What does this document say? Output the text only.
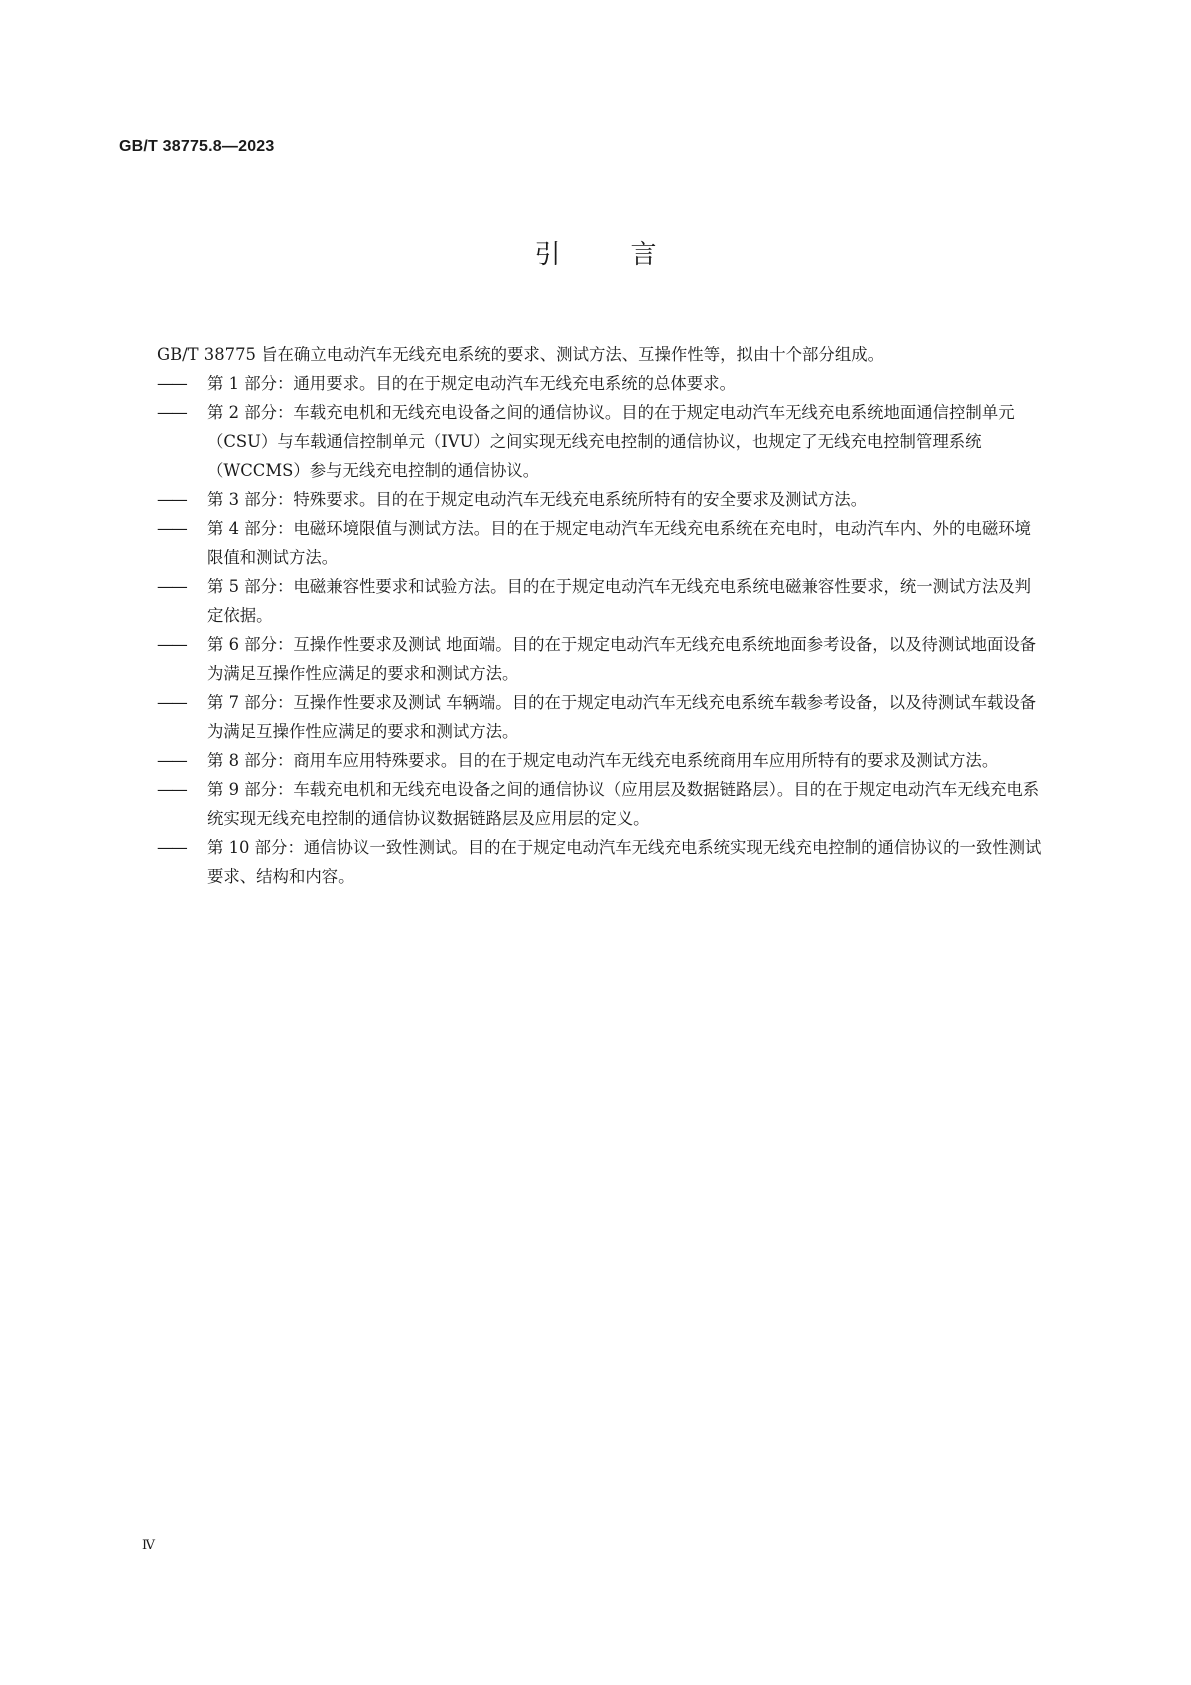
GB/T 38775.8—2023
引言

GB/T 38775 旨在确立电动汽车无线充电系统的要求、测试方法、互操作性等，拟由十个部分组成。

——	第 1 部分：通用要求。目的在于规定电动汽车无线充电系统的总体要求。

——	第 2 部分：车载充电机和无线充电设备之间的通信协议。目的在于规定电动汽车无线充电系统地面通信控制单元（CSU）与车载通信控制单元（IVU）之间实现无线充电控制的通信协议，也规定了无线充电控制管理系统（WCCMS）参与无线充电控制的通信协议。

——	第 3 部分：特殊要求。目的在于规定电动汽车无线充电系统所特有的安全要求及测试方法。

——	第 4 部分：电磁环境限值与测试方法。目的在于规定电动汽车无线充电系统在充电时，电动汽车内、外的电磁环境限值和测试方法。

——	第 5 部分：电磁兼容性要求和试验方法。目的在于规定电动汽车无线充电系统电磁兼容性要求，统一测试方法及判定依据。

——	第 6 部分：互操作性要求及测试 地面端。目的在于规定电动汽车无线充电系统地面参考设备，以及待测试地面设备为满足互操作性应满足的要求和测试方法。

——	第 7 部分：互操作性要求及测试 车辆端。目的在于规定电动汽车无线充电系统车载参考设备，以及待测试车载设备为满足互操作性应满足的要求和测试方法。

——	第 8 部分：商用车应用特殊要求。目的在于规定电动汽车无线充电系统商用车应用所特有的要求及测试方法。

——	第 9 部分：车载充电机和无线充电设备之间的通信协议（应用层及数据链路层）。目的在于规定电动汽车无线充电系统实现无线充电控制的通信协议数据链路层及应用层的定义。

——	第 10 部分：通信协议一致性测试。目的在于规定电动汽车无线充电系统实现无线充电控制的通信协议的一致性测试要求、结构和内容。

Ⅳ
